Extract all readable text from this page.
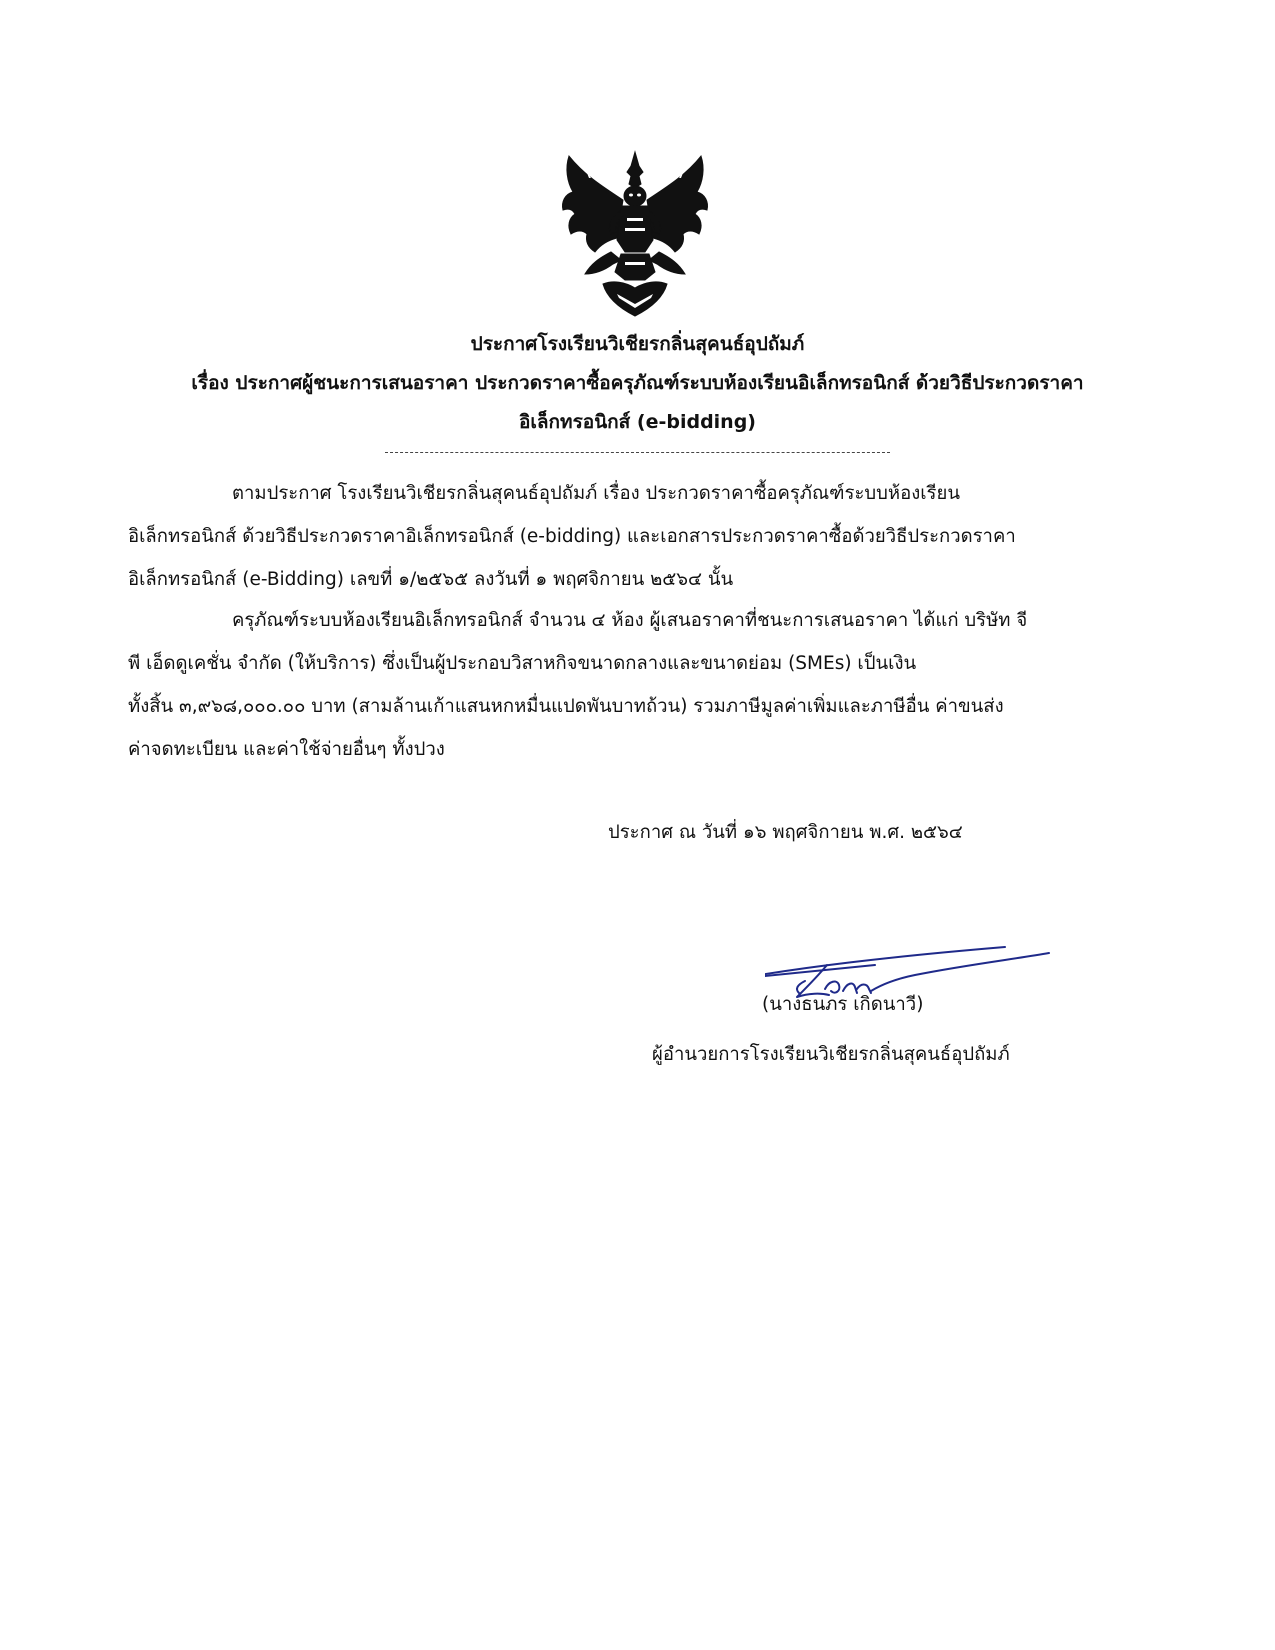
ประกาศโรงเรียนวิเชียรกลิ่นสุคนธ์อุปถัมภ์
เรื่อง ประกาศผู้ชนะการเสนอราคา ประกวดราคาซื้อครุภัณฑ์ระบบห้องเรียนอิเล็กทรอนิกส์ ด้วยวิธีประกวดราคา
อิเล็กทรอนิกส์ (e-bidding)
ตามประกาศ โรงเรียนวิเชียรกลิ่นสุคนธ์อุปถัมภ์ เรื่อง ประกวดราคาซื้อครุภัณฑ์ระบบห้องเรียน
อิเล็กทรอนิกส์ ด้วยวิธีประกวดราคาอิเล็กทรอนิกส์ (e-bidding) และเอกสารประกวดราคาซื้อด้วยวิธีประกวดราคา
อิเล็กทรอนิกส์ (e-Bidding) เลขที่ ๑/๒๕๖๕ ลงวันที่ ๑ พฤศจิกายน ๒๕๖๔ นั้น
ครุภัณฑ์ระบบห้องเรียนอิเล็กทรอนิกส์ จำนวน ๔ ห้อง ผู้เสนอราคาที่ชนะการเสนอราคา ได้แก่ บริษัท จี
พี เอ็ดดูเคชั่น จำกัด (ให้บริการ) ซึ่งเป็นผู้ประกอบวิสาหกิจขนาดกลางและขนาดย่อม (SMEs) เป็นเงิน
ทั้งสิ้น ๓,๙๖๘,๐๐๐.๐๐ บาท (สามล้านเก้าแสนหกหมื่นแปดพันบาทถ้วน) รวมภาษีมูลค่าเพิ่มและภาษีอื่น ค่าขนส่ง
ค่าจดทะเบียน และค่าใช้จ่ายอื่นๆ ทั้งปวง
ประกาศ ณ วันที่ ๑๖ พฤศจิกายน พ.ศ. ๒๕๖๔
(นางธนภร เกิดนาวี)
ผู้อำนวยการโรงเรียนวิเชียรกลิ่นสุคนธ์อุปถัมภ์
